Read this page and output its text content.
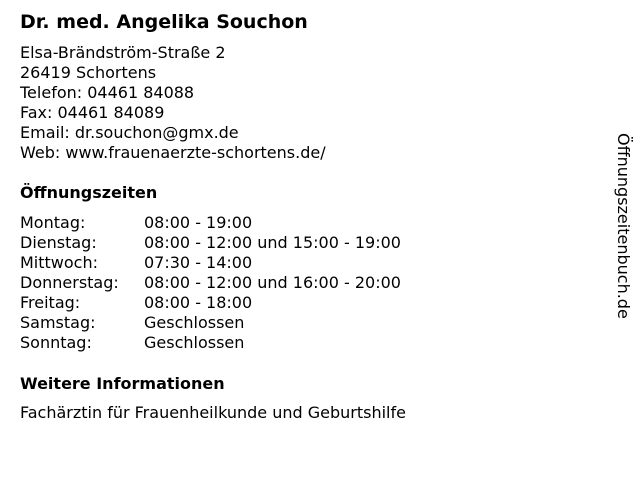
Dr. med. Angelika Souchon
Elsa-Brändström-Straße 2
26419 Schortens
Telefon: 04461 84088
Fax: 04461 84089
Email: dr.souchon@gmx.de
Web: www.frauenaerzte-schortens.de/
Öffnungszeiten
Montag:	08:00 - 19:00
Dienstag:	08:00 - 12:00 und 15:00 - 19:00
Mittwoch:	07:30 - 14:00
Donnerstag:	08:00 - 12:00 und 16:00 - 20:00
Freitag:	08:00 - 18:00
Samstag:	Geschlossen
Sonntag:	Geschlossen
Weitere Informationen
Fachärztin für Frauenheilkunde und Geburtshilfe
Öffnungszeitenbuch.de
